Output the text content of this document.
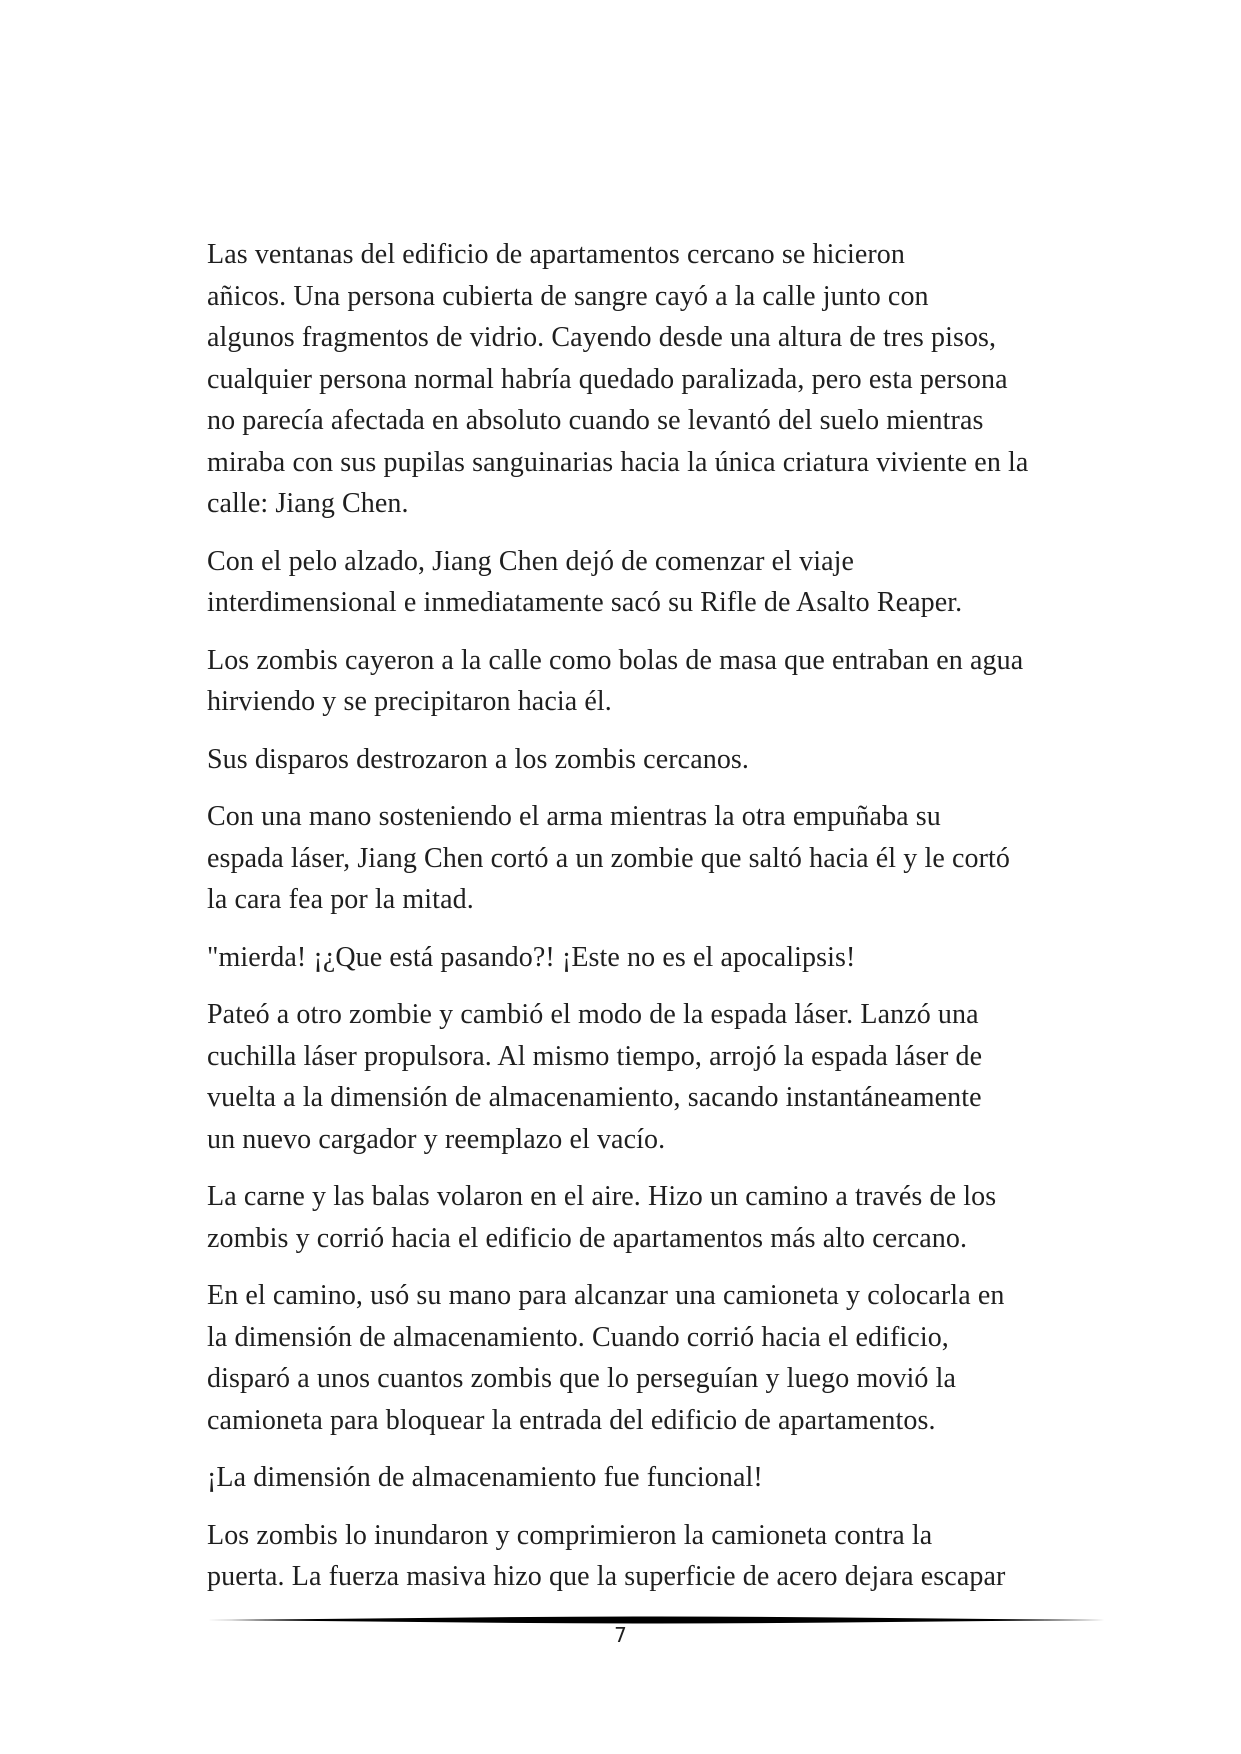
Las ventanas del edificio de apartamentos cercano se hicieron
añicos. Una persona cubierta de sangre cayó a la calle junto con
algunos fragmentos de vidrio. Cayendo desde una altura de tres pisos,
cualquier persona normal habría quedado paralizada, pero esta persona
no parecía afectada en absoluto cuando se levantó del suelo mientras
miraba con sus pupilas sanguinarias hacia la única criatura viviente en la
calle: Jiang Chen.

Con el pelo alzado, Jiang Chen dejó de comenzar el viaje
interdimensional e inmediatamente sacó su Rifle de Asalto Reaper.

Los zombis cayeron a la calle como bolas de masa que entraban en agua
hirviendo y se precipitaron hacia él.

Sus disparos destrozaron a los zombis cercanos.

Con una mano sosteniendo el arma mientras la otra empuñaba su
espada láser, Jiang Chen cortó a un zombie que saltó hacia él y le cortó
la cara fea por la mitad.

"mierda! ¡¿Que está pasando?! ¡Este no es el apocalipsis!

Pateó a otro zombie y cambió el modo de la espada láser. Lanzó una
cuchilla láser propulsora. Al mismo tiempo, arrojó la espada láser de
vuelta a la dimensión de almacenamiento, sacando instantáneamente
un nuevo cargador y reemplazo el vacío.

La carne y las balas volaron en el aire. Hizo un camino a través de los
zombis y corrió hacia el edificio de apartamentos más alto cercano.

En el camino, usó su mano para alcanzar una camioneta y colocarla en
la dimensión de almacenamiento. Cuando corrió hacia el edificio,
disparó a unos cuantos zombis que lo perseguían y luego movió la
camioneta para bloquear la entrada del edificio de apartamentos.

¡La dimensión de almacenamiento fue funcional!

Los zombis lo inundaron y comprimieron la camioneta contra la
puerta. La fuerza masiva hizo que la superficie de acero dejara escapar

7
